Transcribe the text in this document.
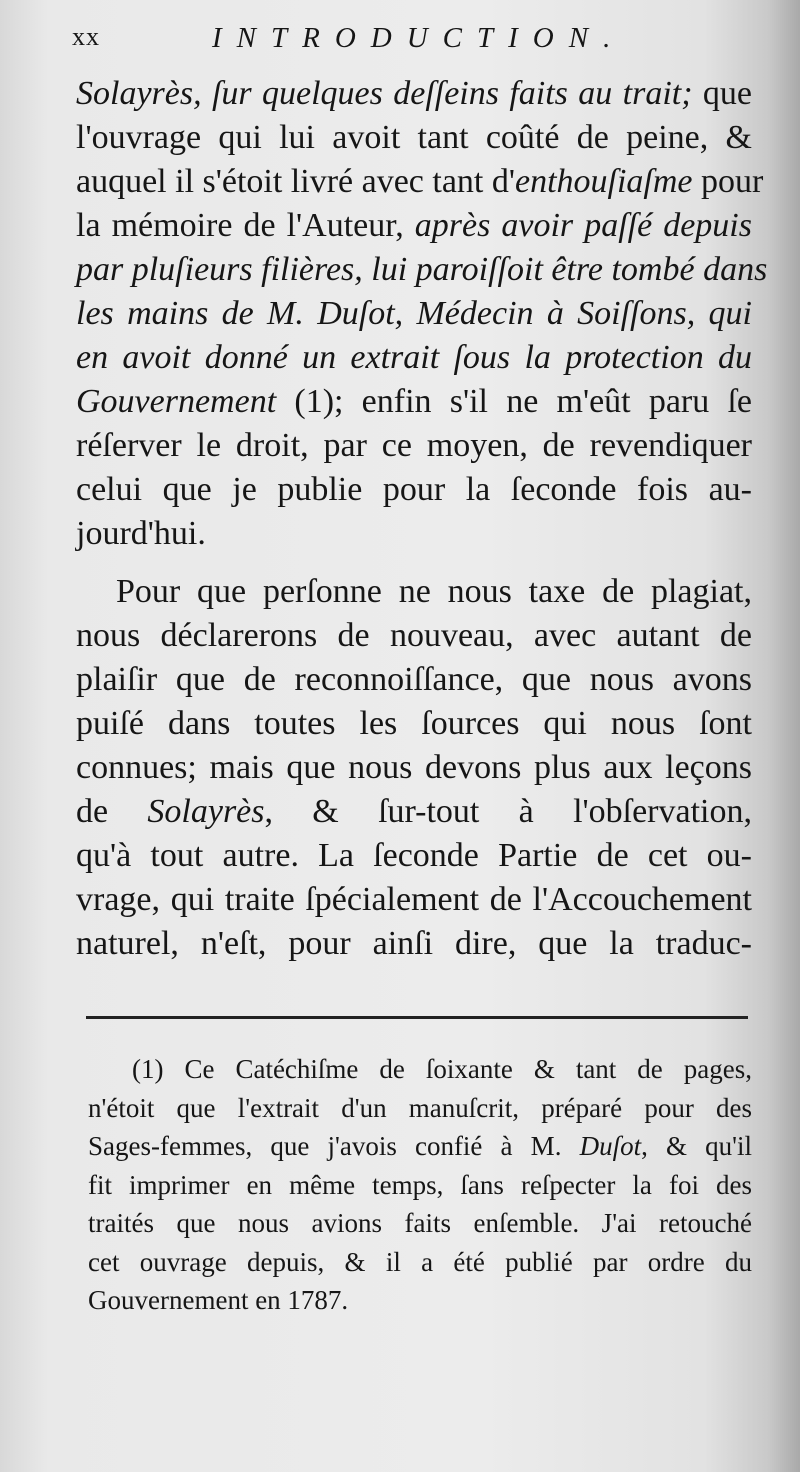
xx	INTRODUCTION.
Solayrès, ſur quelques deſſeins faits au trait; que
l'ouvrage qui lui avoit tant coûté de peine, &
auquel il s'étoit livré avec tant d'enthouſiaſme pour
la mémoire de l'Auteur, après avoir paſſé depuis
par pluſieurs filières, lui paroiſſoit être tombé dans
les mains de M. Duſot, Médecin à Soiſſons, qui
en avoit donné un extrait ſous la protection du
Gouvernement (1); enfin s'il ne m'eût paru ſe
réſerver le droit, par ce moyen, de revendiquer
celui que je publie pour la ſeconde fois au-
jourd'hui.
Pour que perſonne ne nous taxe de plagiat,
nous déclarerons de nouveau, avec autant de
plaiſir que de reconnoiſſance, que nous avons
puiſé dans toutes les ſources qui nous ſont
connues; mais que nous devons plus aux leçons
de Solayrès, & ſur-tout à l'obſervation,
qu'à tout autre. La ſeconde Partie de cet ou-
vrage, qui traite ſpécialement de l'Accouchement
naturel, n'eſt, pour ainſi dire, que la traduc-
(1) Ce Catéchiſme de ſoixante & tant de pages,
n'étoit que l'extrait d'un manuſcrit, préparé pour des
Sages-femmes, que j'avois confié à M. Duſot, & qu'il
fit imprimer en même temps, ſans reſpecter la foi des
traités que nous avions faits enſemble. J'ai retouché
cet ouvrage depuis, & il a été publié par ordre du
Gouvernement en 1787.
